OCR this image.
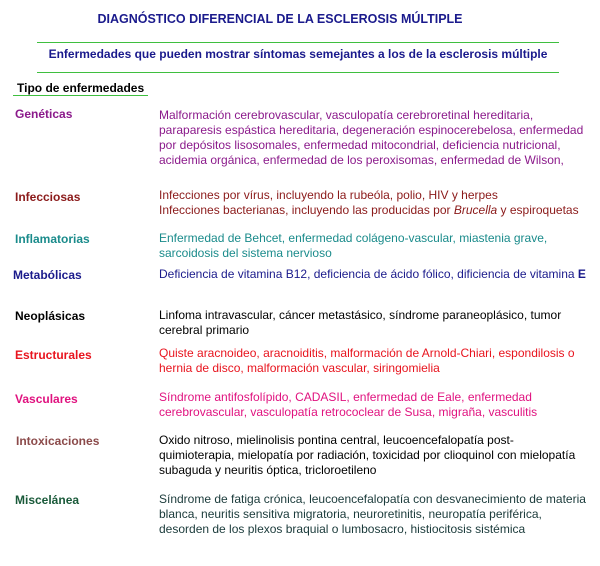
DIAGNÓSTICO DIFERENCIAL DE LA ESCLEROSIS MÚLTIPLE
Enfermedades que pueden mostrar síntomas semejantes a los de la esclerosis múltiple
Tipo de enfermedades
Genéticas	Malformación cerebrovascular, vasculopatía cerebroretinal hereditaria, paraparesis espástica hereditaria, degeneración espinocerebelosa, enfermedad por depósitos lisosomales, enfermedad mitocondrial, deficiencia nutricional, acidemia orgánica, enfermedad de los peroxisomas, enfermedad de Wilson,
Infecciosas	Infecciones por vírus, incluyendo la rubeóla, polio, HIV y herpes
Infecciones bacterianas, incluyendo las producidas por Brucella y espiroquetas
Inflamatorias	Enfermedad de Behcet, enfermedad colágeno-vascular, miastenia grave, sarcoidosis del sistema nervioso
Metabólicas	Deficiencia de vitamina B12, deficiencia de ácido fólico, dificiencia de vitamina E
Neoplásicas	Linfoma intravascular, cáncer metastásico, síndrome paraneoplásico, tumor cerebral primario
Estructurales	Quiste aracnoideo, aracnoiditis, malformación de Arnold-Chiari, espondilosis o hernia de disco, malformación vascular, siringomielia
Vasculares	Síndrome antifosfolípido, CADASIL, enfermedad de Eale, enfermedad cerebrovascular, vasculopatía retrococlear de Susa, migraña, vasculitis
Intoxicaciones	Oxido nitroso, mielinolisis pontina central, leucoencefalopatía post-quimioterapia, mielopatía por radiación, toxicidad por clioquinol con mielopatía subaguda y neuritis óptica, tricloroetileno
Miscelánea	Síndrome de fatiga crónica, leucoencefalopatía con desvanecimiento de materia blanca, neuritis sensitiva migratoria, neuroretinitis, neuropatía periférica, desorden de los plexos braquial o lumbosacro, histiocitosis sistémica
